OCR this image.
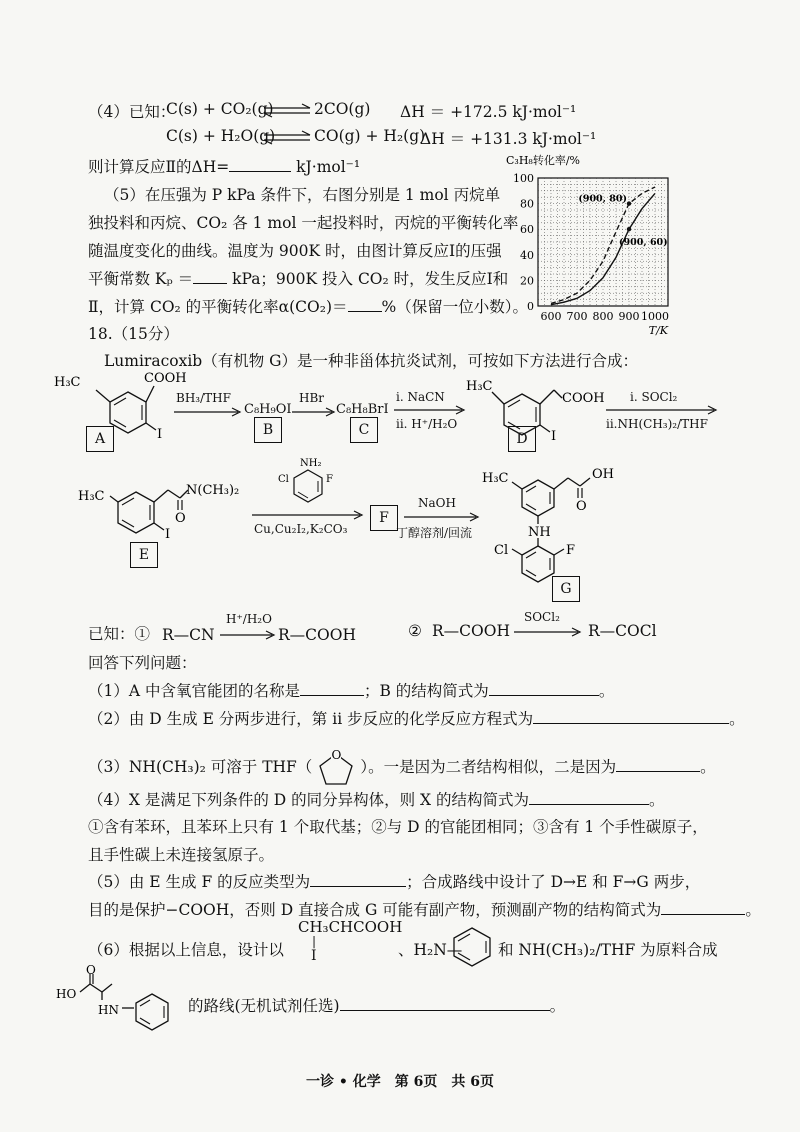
（4）已知：
C(s) + CO₂(g) ⇌ 2CO(g) ΔH ＝ +172.5 kJ·mol⁻¹
C(s) + H₂O(g) ⇌ CO(g) + H₂(g)
ΔH ＝ +131.3 kJ·mol⁻¹
则计算反应Ⅱ的ΔH=	kJ·mol⁻¹
（5）在压强为 P kPa 条件下，右图分别是 1 mol 丙烷单
独投料和丙烷、CO₂ 各 1 mol 一起投料时，丙烷的平衡转化率
随温度变化的曲线。温度为 900K 时，由图计算反应Ⅰ的压强
平衡常数 Kₚ ＝ kPa；900K 投入 CO₂ 时，发生反应Ⅰ和
Ⅱ，计算 CO₂ 的平衡转化率α(CO₂)＝ %（保留一位小数）。
C₃H₈转化率/%
0
20
40
60
80
100
600 700 800 900 1000
(900, 80)
(900, 60)
T/K
18.（15分）
Lumiracoxib（有机物 G）是一种非甾体抗炎试剂，可按如下方法进行合成：
H₃C	COOH
I
A
BH₃/THF
C₈H₉OI
B
HBr
C₈H₈BrI
C
i. NaCN
ii. H⁺/H₂O
H₃C
COOH
I
D
i. SOCl₂
ii.NH(CH₃)₂/THF
H₃C	N(CH₃)₂
O
I
E
NH₂
Cl	F
Cu,Cu₂I₂,K₂CO₃
F
NaOH
丁醇溶剂/回流
H₃C	OH
O
NH
Cl	F
G
已知：① R—CN
H⁺/H₂O
R—COOH	② R—COOH
SOCl₂
R—COCl
回答下列问题：
（1）A 中含氧官能团的名称是	；B 的结构简式为	。
（2）由 D 生成 E 分两步进行，第 ii 步反应的化学反应方程式为	。
（3）NH(CH₃)₂ 可溶于 THF（
O
）。一是因为二者结构相似，二是因为	。
（4）X 是满足下列条件的 D 的同分异构体，则 X 的结构简式为	。
①含有苯环，且苯环上只有 1 个取代基；②与 D 的官能团相同；③含有 1 个手性碳原子，
且手性碳上未连接氢原子。
（5）由 E 生成 F 的反应类型为	；合成路线中设计了 D→E 和 F→G 两步，
目的是保护−COOH，否则 D 直接合成 G 可能有副产物，预测副产物的结构简式为	。
（6）根据以上信息，设计以
CH₃CHCOOH
|
I	、H₂N— 和 NH(CH₃)₂/THF 为原料合成
O
HO
HN	的路线(无机试剂任选)	。
一诊 • 化学　第 6页　共 6页
